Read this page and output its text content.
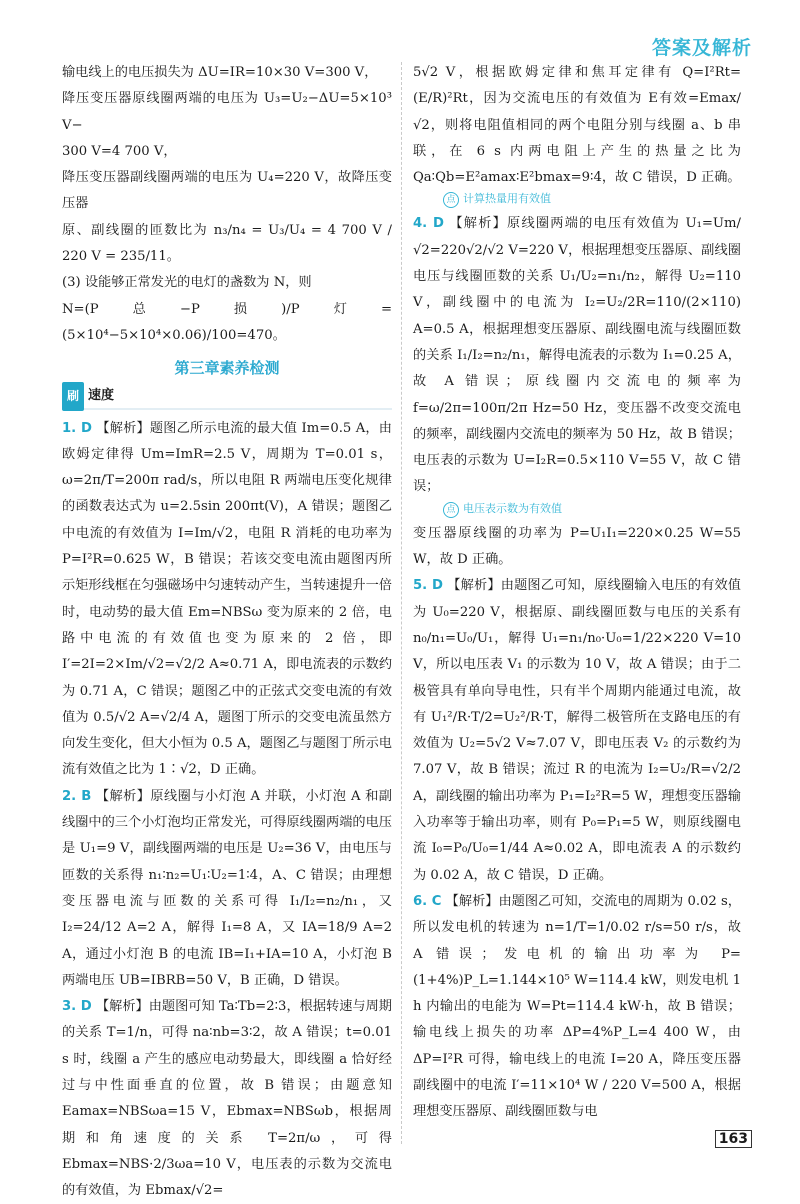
答案及解析

输电线上的电压损失为 ΔU=IR=10×30 V=300 V，

降压变压器原线圈两端的电压为 U₃=U₂−ΔU=5×10³ V−

300 V=4 700 V，

降压变压器副线圈两端的电压为 U₄=220 V，故降压变压器

原、副线圈的匝数比为 n₃/n₄ = U₃/U₄ = 4 700 V / 220 V = 235/11。

(3) 设能够正常发光的电灯的盏数为 N，则

N=(P总−P损)/P灯=(5×10⁴−5×10⁴×0.06)/100=470。

第三章素养检测
刷 速度

1. D 【解析】题图乙所示电流的最大值 Im=0.5 A，由欧姆定律得 Um=ImR=2.5 V，周期为 T=0.01 s，ω=2π/T=200π rad/s，所以电阻 R 两端电压变化规律的函数表达式为 u=2.5sin 200πt(V)，A 错误；题图乙中电流的有效值为 I=Im/√2，电阻 R 消耗的电功率为 P=I²R=0.625 W，B 错误；若该交变电流由题图丙所示矩形线框在匀强磁场中匀速转动产生，当转速提升一倍时，电动势的最大值 Em=NBSω 变为原来的 2 倍，电路中电流的有效值也变为原来的 2 倍，即 I′=2I=2×Im/√2=√2/2 A≈0.71 A，即电流表的示数约为 0.71 A，C 错误；题图乙中的正弦式交变电流的有效值为 0.5/√2 A=√2/4 A，题图丁所示的交变电流虽然方向发生变化，但大小恒为 0.5 A，题图乙与题图丁所示电流有效值之比为 1∶√2，D 正确。

2. B 【解析】原线圈与小灯泡 A 并联，小灯泡 A 和副线圈中的三个小灯泡均正常发光，可得原线圈两端的电压是 U₁=9 V，副线圈两端的电压是 U₂=36 V，由电压与匝数的关系得 n₁∶n₂=U₁∶U₂=1∶4，A、C 错误；由理想变压器电流与匝数的关系可得 I₁/I₂=n₂/n₁，又 I₂=24/12 A=2 A，解得 I₁=8 A，又 IA=18/9 A=2 A，通过小灯泡 B 的电流 IB=I₁+IA=10 A，小灯泡 B 两端电压 UB=IBRB=50 V，B 正确，D 错误。

3. D 【解析】由题图可知 Ta∶Tb=2∶3，根据转速与周期的关系 T=1/n，可得 na∶nb=3∶2，故 A 错误；t=0.01 s 时，线圈 a 产生的感应电动势最大，即线圈 a 恰好经过与中性面垂直的位置，故 B 错误；由题意知 Eamax=NBSωa=15 V，Ebmax=NBSωb，根据周期和角速度的关系 T=2π/ω，可得 Ebmax=NBS·2/3ωa=10 V，电压表的示数为交流电的有效值，为 Ebmax/√2=

5√2 V，根据欧姆定律和焦耳定律有 Q=I²Rt=(E/R)²Rt，因为交流电压的有效值为 E有效=Emax/√2，则将电阻值相同的两个电阻分别与线圈 a、b 串联，在 6 s 内两电阻上产生的热量之比为 Qa∶Qb=E²amax∶E²bmax=9∶4，故 C 错误，D 正确。

点 计算热量用有效值

4. D 【解析】原线圈两端的电压有效值为 U₁=Um/√2=220√2/√2 V=220 V，根据理想变压器原、副线圈电压与线圈匝数的关系 U₁/U₂=n₁/n₂，解得 U₂=110 V，副线圈中的电流为 I₂=U₂/2R=110/(2×110) A=0.5 A，根据理想变压器原、副线圈电流与线圈匝数的关系 I₁/I₂=n₂/n₁，解得电流表的示数为 I₁=0.25 A，故 A 错误；原线圈内交流电的频率为 f=ω/2π=100π/2π Hz=50 Hz，变压器不改变交流电的频率，副线圈内交流电的频率为 50 Hz，故 B 错误；电压表的示数为 U=I₂R=0.5×110 V=55 V，故 C 错误；

点 电压表示数为有效值

变压器原线圈的功率为 P=U₁I₁=220×0.25 W=55 W，故 D 正确。

5. D 【解析】由题图乙可知，原线圈输入电压的有效值为 U₀=220 V，根据原、副线圈匝数与电压的关系有 n₀/n₁=U₀/U₁，解得 U₁=n₁/n₀·U₀=1/22×220 V=10 V，所以电压表 V₁ 的示数为 10 V，故 A 错误；由于二极管具有单向导电性，只有半个周期内能通过电流，故有 U₁²/R·T/2=U₂²/R·T，解得二极管所在支路电压的有效值为 U₂=5√2 V≈7.07 V，即电压表 V₂ 的示数约为 7.07 V，故 B 错误；流过 R 的电流为 I₂=U₂/R=√2/2 A，副线圈的输出功率为 P₁=I₂²R=5 W，理想变压器输入功率等于输出功率，则有 P₀=P₁=5 W，则原线圈电流 I₀=P₀/U₀=1/44 A≈0.02 A，即电流表 A 的示数约为 0.02 A，故 C 错误，D 正确。

6. C 【解析】由题图乙可知，交流电的周期为 0.02 s，所以发电机的转速为 n=1/T=1/0.02 r/s=50 r/s，故 A 错误；发电机的输出功率为 P=(1+4%)P_L=1.144×10⁵ W=114.4 kW，则发电机 1 h 内输出的电能为 W=Pt=114.4 kW·h，故 B 错误；输电线上损失的功率 ΔP=4%P_L=4 400 W，由 ΔP=I²R 可得，输电线上的电流 I=20 A，降压变压器副线圈中的电流 I′=11×10⁴ W / 220 V=500 A，根据理想变压器原、副线圈匝数与电

163
